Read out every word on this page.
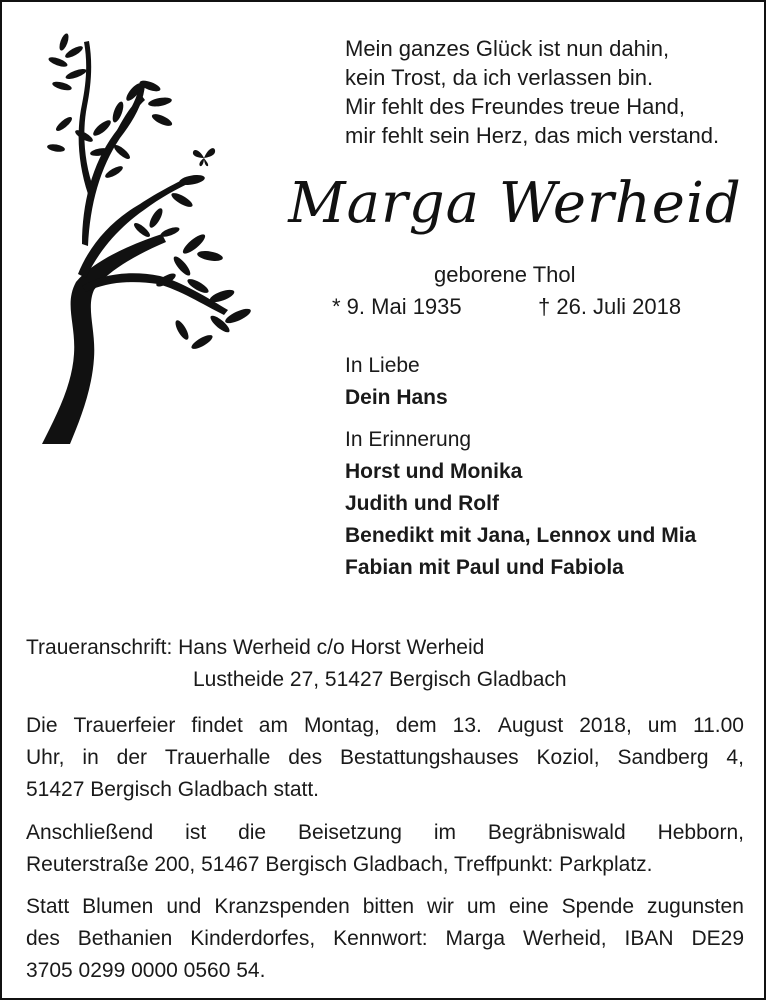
Mein ganzes Glück ist nun dahin,
kein Trost, da ich verlassen bin.
Mir fehlt des Freundes treue Hand,
mir fehlt sein Herz, das mich verstand.
Marga Werheid
geborene Thol
* 9. Mai 1935	† 26. Juli 2018
In Liebe
Dein Hans
In Erinnerung
Horst und Monika
Judith und Rolf
Benedikt mit Jana, Lennox und Mia
Fabian mit Paul und Fabiola
Traueranschrift: Hans Werheid c/o Horst Werheid
Lustheide 27, 51427 Bergisch Gladbach
Die Trauerfeier findet am Montag, dem 13. August 2018, um 11.00
Uhr, in der Trauerhalle des Bestattungshauses Koziol, Sandberg 4,
51427 Bergisch Gladbach statt.
Anschließend ist die Beisetzung im Begräbniswald Hebborn,
Reuterstraße 200, 51467 Bergisch Gladbach, Treffpunkt: Parkplatz.
Statt Blumen und Kranzspenden bitten wir um eine Spende zugunsten
des Bethanien Kinderdorfes, Kennwort: Marga Werheid, IBAN DE29
3705 0299 0000 0560 54.
